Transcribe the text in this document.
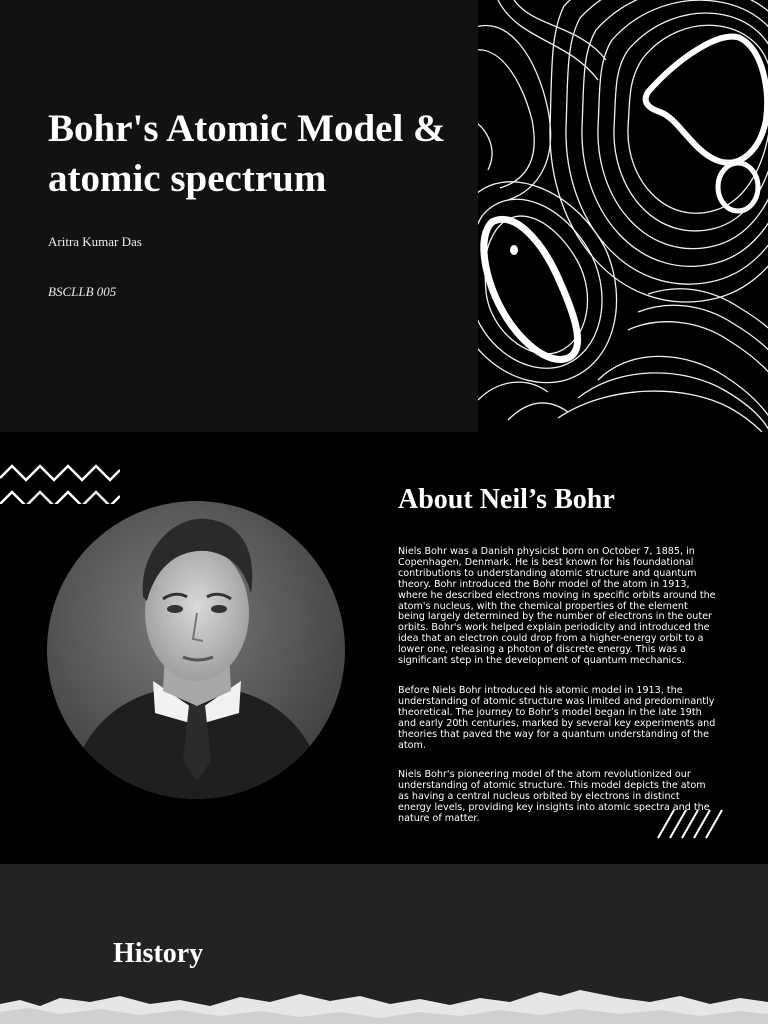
Bohr's Atomic Model & atomic spectrum
Aritra Kumar Das
BSCLLB 005
About Neil’s Bohr

Niels Bohr was a Danish physicist born on October 7, 1885, in Copenhagen, Denmark. He is best known for his foundational contributions to understanding atomic structure and quantum theory. Bohr introduced the Bohr model of the atom in 1913, where he described electrons moving in specific orbits around the atom's nucleus, with the chemical properties of the element being largely determined by the number of electrons in the outer orbits. Bohr's work helped explain periodicity and introduced the idea that an electron could drop from a higher-energy orbit to a lower one, releasing a photon of discrete energy. This was a significant step in the development of quantum mechanics.

Before Niels Bohr introduced his atomic model in 1913, the understanding of atomic structure was limited and predominantly theoretical. The journey to Bohr’s model began in the late 19th and early 20th centuries, marked by several key experiments and theories that paved the way for a quantum understanding of the atom.

Niels Bohr's pioneering model of the atom revolutionized our understanding of atomic structure. This model depicts the atom as having a central nucleus orbited by electrons in distinct energy levels, providing key insights into atomic spectra and the nature of matter.

History
